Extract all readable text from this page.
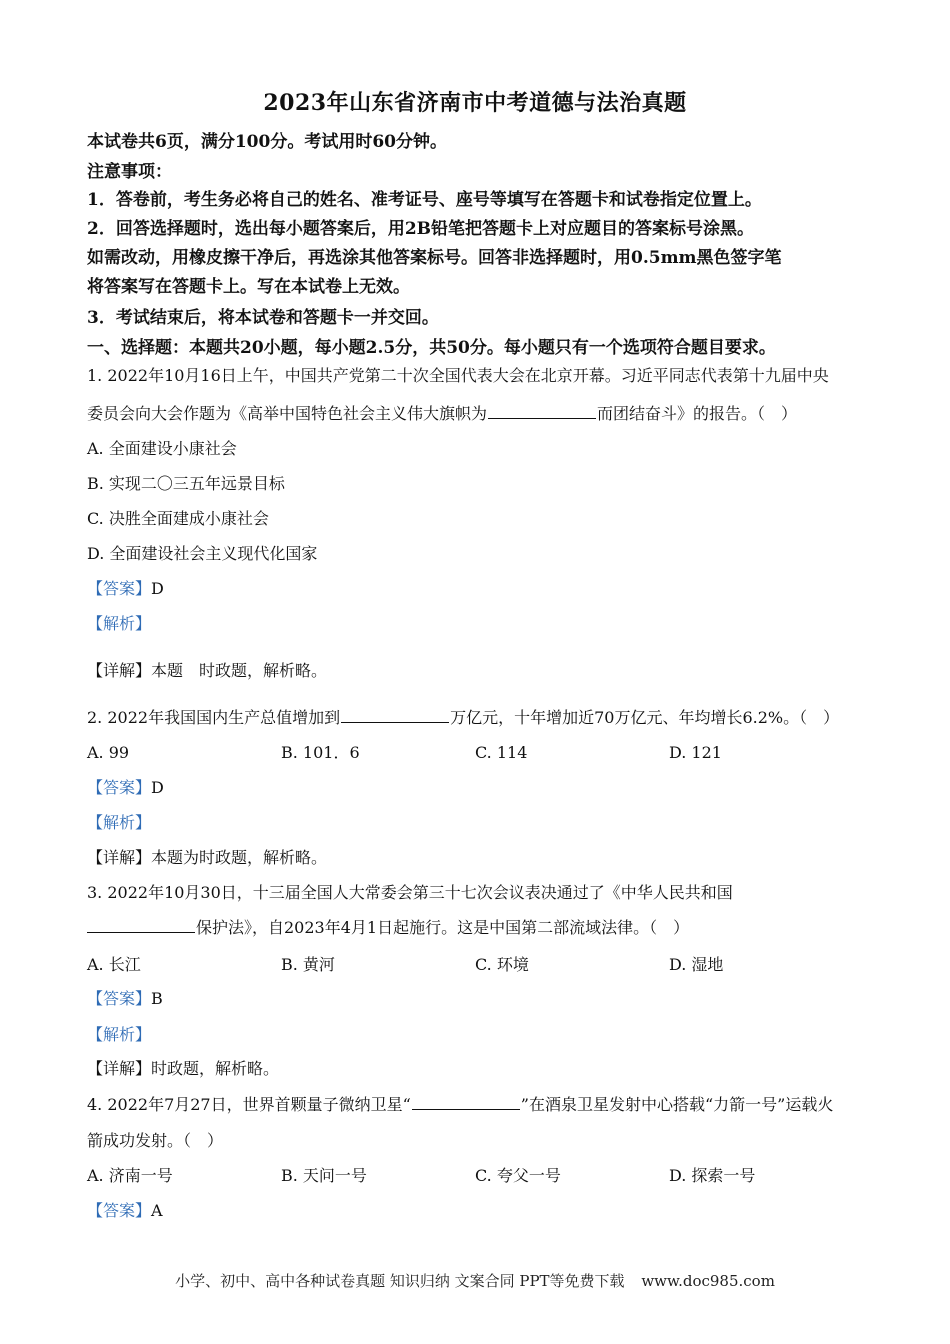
2023年山东省济南市中考道德与法治真题
本试卷共6页，满分100分。考试用时60分钟。
注意事项：
1．答卷前，考生务必将自己的姓名、准考证号、座号等填写在答题卡和试卷指定位置上。
2．回答选择题时，选出每小题答案后，用2B铅笔把答题卡上对应题目的答案标号涂黑。
如需改动，用橡皮擦干净后，再选涂其他答案标号。回答非选择题时，用0.5mm黑色签字笔
将答案写在答题卡上。写在本试卷上无效。
3．考试结束后，将本试卷和答题卡一并交回。
一、选择题：本题共20小题，每小题2.5分，共50分。每小题只有一个选项符合题目要求。
1. 2022年10月16日上午，中国共产党第二十次全国代表大会在北京开幕。习近平同志代表第十九届中央
委员会向大会作题为《高举中国特色社会主义伟大旗帜为	而团结奋斗》的报告。（　）
A. 全面建设小康社会
B. 实现二〇三五年远景目标
C. 决胜全面建成小康社会
D. 全面建设社会主义现代化国家
【答案】D
【解析】
【详解】本题　时政题，解析略。
2. 2022年我国国内生产总值增加到	万亿元，十年增加近70万亿元、年均增长6.2%。（　）
A. 99	B. 101．6	C. 114	D. 121
【答案】D
【解析】
【详解】本题为时政题，解析略。
3. 2022年10月30日，十三届全国人大常委会第三十七次会议表决通过了《中华人民共和国
保护法》，自2023年4月1日起施行。这是中国第二部流域法律。（　）
A. 长江	B. 黄河	C. 环境	D. 湿地
【答案】B
【解析】
【详解】时政题，解析略。
4. 2022年7月27日，世界首颗量子微纳卫星“	”在酒泉卫星发射中心搭载“力箭一号”运载火
箭成功发射。（　）
A. 济南一号	B. 天问一号	C. 夸父一号	D. 探索一号
【答案】A
小学、初中、高中各种试卷真题 知识归纳 文案合同 PPT等免费下载 www.doc985.com
